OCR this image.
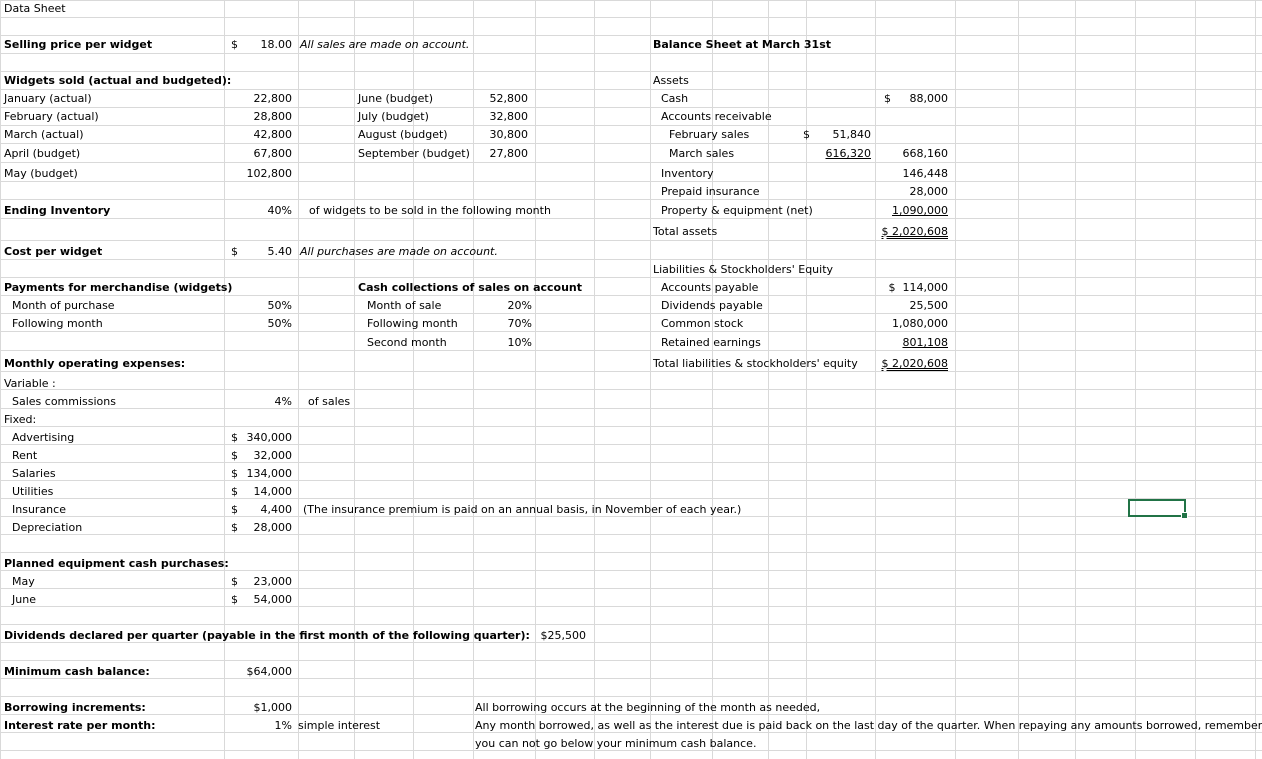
Data Sheet
Selling price per widget	$	18.00 All sales are made on account.
Widgets sold (actual and budgeted):
January (actual)	22,800
February (actual)	28,800
March (actual)	42,800
April (budget)	67,800
May (budget)	102,800
June (budget)	52,800
July (budget)	32,800
August (budget)	30,800
September (budget)	27,800
Ending Inventory	40% of widgets to be sold in the following month
Cost per widget	$	5.40 All purchases are made on account.
Payments for merchandise (widgets)
Month of purchase	50%
Following month	50%
Cash collections of sales on account
Month of sale	20%
Following month	70%
Second month	10%
Monthly operating expenses:
Variable :
Sales commissions	4% of sales
Fixed:
Advertising	$ 340,000
Rent	$	32,000
Salaries	$ 134,000
Utilities	$	14,000
Insurance	$	4,400 (The insurance premium is paid on an annual basis, in November of each year.)
Depreciation	$	28,000
Planned equipment cash purchases:
May	$	23,000
June	$	54,000
Dividends declared per quarter (payable in the first month of the following quarter): $25,500
Minimum cash balance:	$64,000
Borrowing increments:	$1,000	All borrowing occurs at the beginning of the month as needed,
Interest rate per month:	1% simple interest	Any month borrowed, as well as the interest due is paid back on the last day of the quarter. When repaying any amounts borrowed, remember
you can not go below your minimum cash balance.
Balance Sheet at March 31st
Assets
Cash	$	88,000
Accounts receivable
February sales	$	51,840
March sales	616,320	668,160
Inventory	146,448
Prepaid insurance	28,000
Property & equipment (net)	1,090,000
Total assets	$ 2,020,608
Liabilities & Stockholders' Equity
Accounts payable	$  114,000
Dividends payable	25,500
Common stock	1,080,000
Retained earnings	801,108
Total liabilities & stockholders' equity $ 2,020,608
